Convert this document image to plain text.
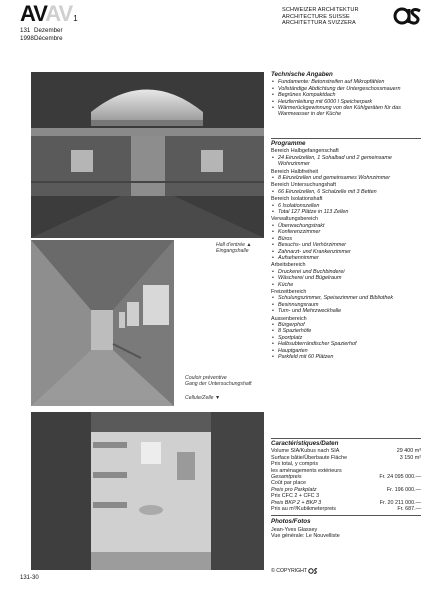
AVAV1
131 Dezember
1998Décembre
SCHWEIZER ARCHITEKTUR
ARCHITECTURE SUISSE
ARCHITETTURA SVIZZERA
Hall d'entrée ▲
Eingangshalle
Couloir préventive
Gang der Untersuchungshaft
Cellule/Zelle ▼
Technische Angaben
• Fundamente: Betonstreifen auf Mikropfählen
• Vollständige Abdichtung der Untergeschossmauern
• Begrünes Kompaktdach
• Heizfernleitung mit 6000 l Speicherpark
• Wärmerückgewinnung von den Kühlgeräten für das Warmwasser in der Küche
Programme
Bereich Halbgefangenschaft
• 24 Einzelzellen, 1 Sohalbad und 2 gemeinsame Wohnzimmer
Bereich Halbfreiheit
• 8 Einzelzellen und gemeinsames Wohnzimmer
Bereich Untersuchungshaft
• 66 Einzelzellen, 6 Schalzelle mit 3 Betten
Bereich Isolationshaft
• 6 Isolationszellen
• Total 127 Plätze in 113 Zellen
Verwaltungsbereich
• Überwachungstrakt
• Konferenzzimmer
• Büros
• Besuchs- und Verhörzimmer
• Zahnarzt- und Krankenzimmer
• Aufsehennimmer
Arbeitsbereich
• Druckerei und Buchbinderei
• Wäscherei und Bügelraum
• Küche
Freizeitbereich
• Schulungszimmer, Speisezimmer und Bibliothek
• Besinnungsraum
• Turn- und Mehrzweckhalle
Aussenbereich
• Bürgerphof
• 8 Spazierhöfe
• Sportplatz
• Halbsubterrändischer Spazierhof
• Hauptgarten
• Parkfeld mit 60 Plätzen
Caractéristiques/Daten
Volume SIA/Kubus nach SIA	29 400 m³
Surface bâtie/Überbaute Fläche	3 150 m²
Prix total, y compris
les aménagements extérieurs
Gesamtpreis	Fr. 24 095 000.—
Coût par place
Preis pro Parkplatz	Fr. 196 000.—
Prix CFC 2 + CFC 3
Preis BKP 2 + BKP 3	Fr. 20 211 000.—
Prix au m³/Kubikmeterpreis	Fr. 687.—
Photos/Fotos
Jean-Yves Glassey
Vue générale: Le Nouvelliste
© COPYRIGHT
131-30
